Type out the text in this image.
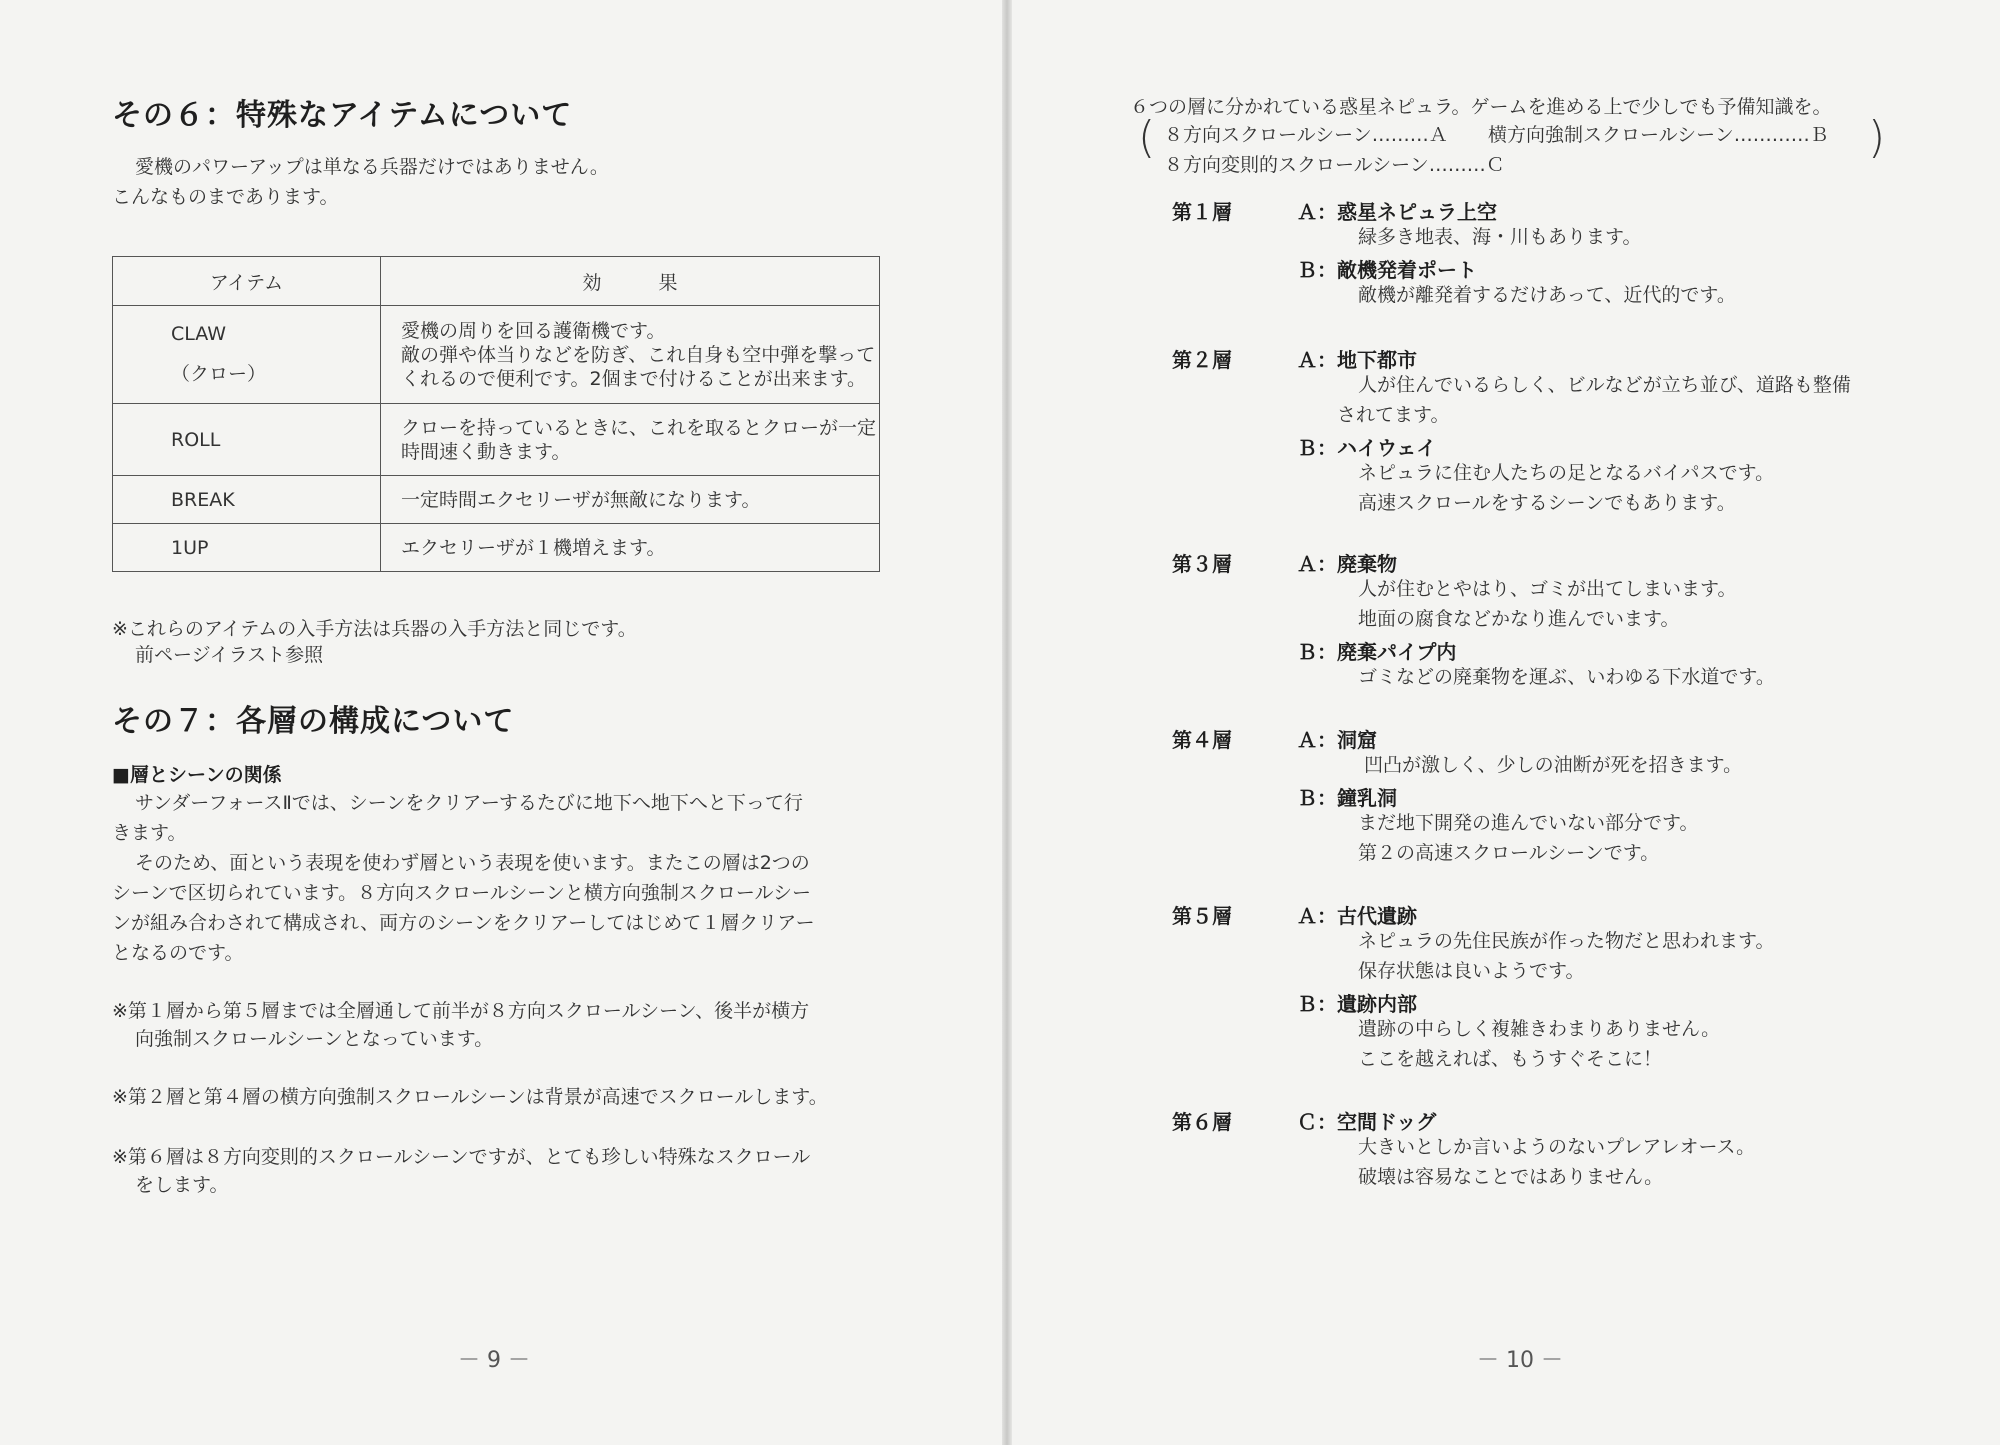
その６：特殊なアイテムについて
愛機のパワーアップは単なる兵器だけではありません。
こんなものまであります。
アイテム	効　　　果

CLAW
（クロー）	愛機の周りを回る護衛機です。
敵の弾や体当りなどを防ぎ、これ自身も空中弾を撃って
くれるので便利です。2個まで付けることが出来ます。

ROLL	クローを持っているときに、これを取るとクローが一定
時間速く動きます。

BREAK	一定時間エクセリーザが無敵になります。
1UP	エクセリーザが１機増えます。
※これらのアイテムの入手方法は兵器の入手方法と同じです。
前ページイラスト参照
その７：各層の構成について
■層とシーンの関係
サンダーフォースⅡでは、シーンをクリアーするたびに地下へ地下へと下って行
きます。
そのため、面という表現を使わず層という表現を使います。またこの層は2つの
シーンで区切られています。８方向スクロールシーンと横方向強制スクロールシー
ンが組み合わされて構成され、両方のシーンをクリアーしてはじめて１層クリアー
となるのです。
※第１層から第５層までは全層通して前半が８方向スクロールシーン、後半が横方
向強制スクロールシーンとなっています。
※第２層と第４層の横方向強制スクロールシーンは背景が高速でスクロールします。
※第６層は８方向変則的スクロールシーンですが、とても珍しい特殊なスクロール
をします。
－ 9 －
６つの層に分かれている惑星ネピュラ。ゲームを進める上で少しでも予備知識を。
( ８方向スクロールシーン………Ａ 横方向強制スクロールシーン…………Ｂ
８方向変則的スクロールシーン………Ｃ
)
第１層	Ａ：惑星ネピュラ上空
緑多き地表、海・川もあります。
Ｂ：敵機発着ポート
敵機が離発着するだけあって、近代的です。
第２層	Ａ：地下都市
人が住んでいるらしく、ビルなどが立ち並び、道路も整備
されてます。
Ｂ：ハイウェイ
ネピュラに住む人たちの足となるバイパスです。
高速スクロールをするシーンでもあります。
第３層	Ａ：廃棄物
人が住むとやはり、ゴミが出てしまいます。
地面の腐食などかなり進んでいます。
Ｂ：廃棄パイプ内
ゴミなどの廃棄物を運ぶ、いわゆる下水道です。
第４層	Ａ：洞窟
凹凸が激しく、少しの油断が死を招きます。
Ｂ：鐘乳洞
まだ地下開発の進んでいない部分です。
第２の高速スクロールシーンです。
第５層	Ａ：古代遺跡
ネピュラの先住民族が作った物だと思われます。
保存状態は良いようです。
Ｂ：遺跡内部
遺跡の中らしく複雑きわまりありません。
ここを越えれば、もうすぐそこに！
第６層	Ｃ：空間ドッグ
大きいとしか言いようのないプレアレオース。
破壊は容易なことではありません。
－ 10 －
